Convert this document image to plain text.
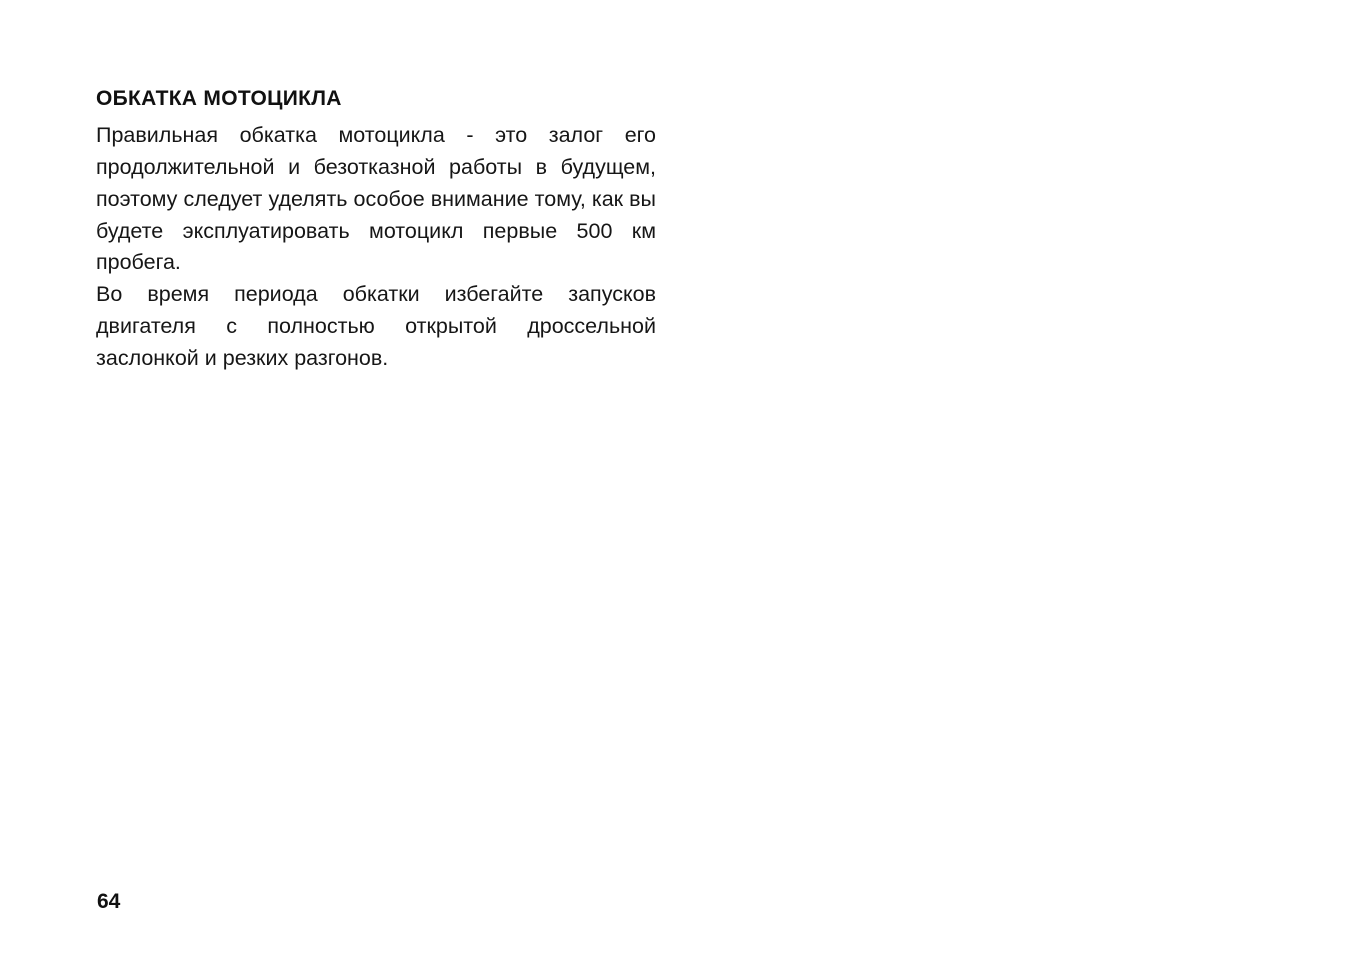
ОБКАТКА МОТОЦИКЛА

Правильная обкатка мотоцикла - это залог его продолжительной и безотказной работы в будущем, поэтому следует уделять особое внимание тому, как вы будете эксплуатировать мотоцикл первые 500 км пробега.

Во время периода обкатки избегайте запусков двигателя с полностью открытой дроссельной заслонкой и резких разгонов.

64
